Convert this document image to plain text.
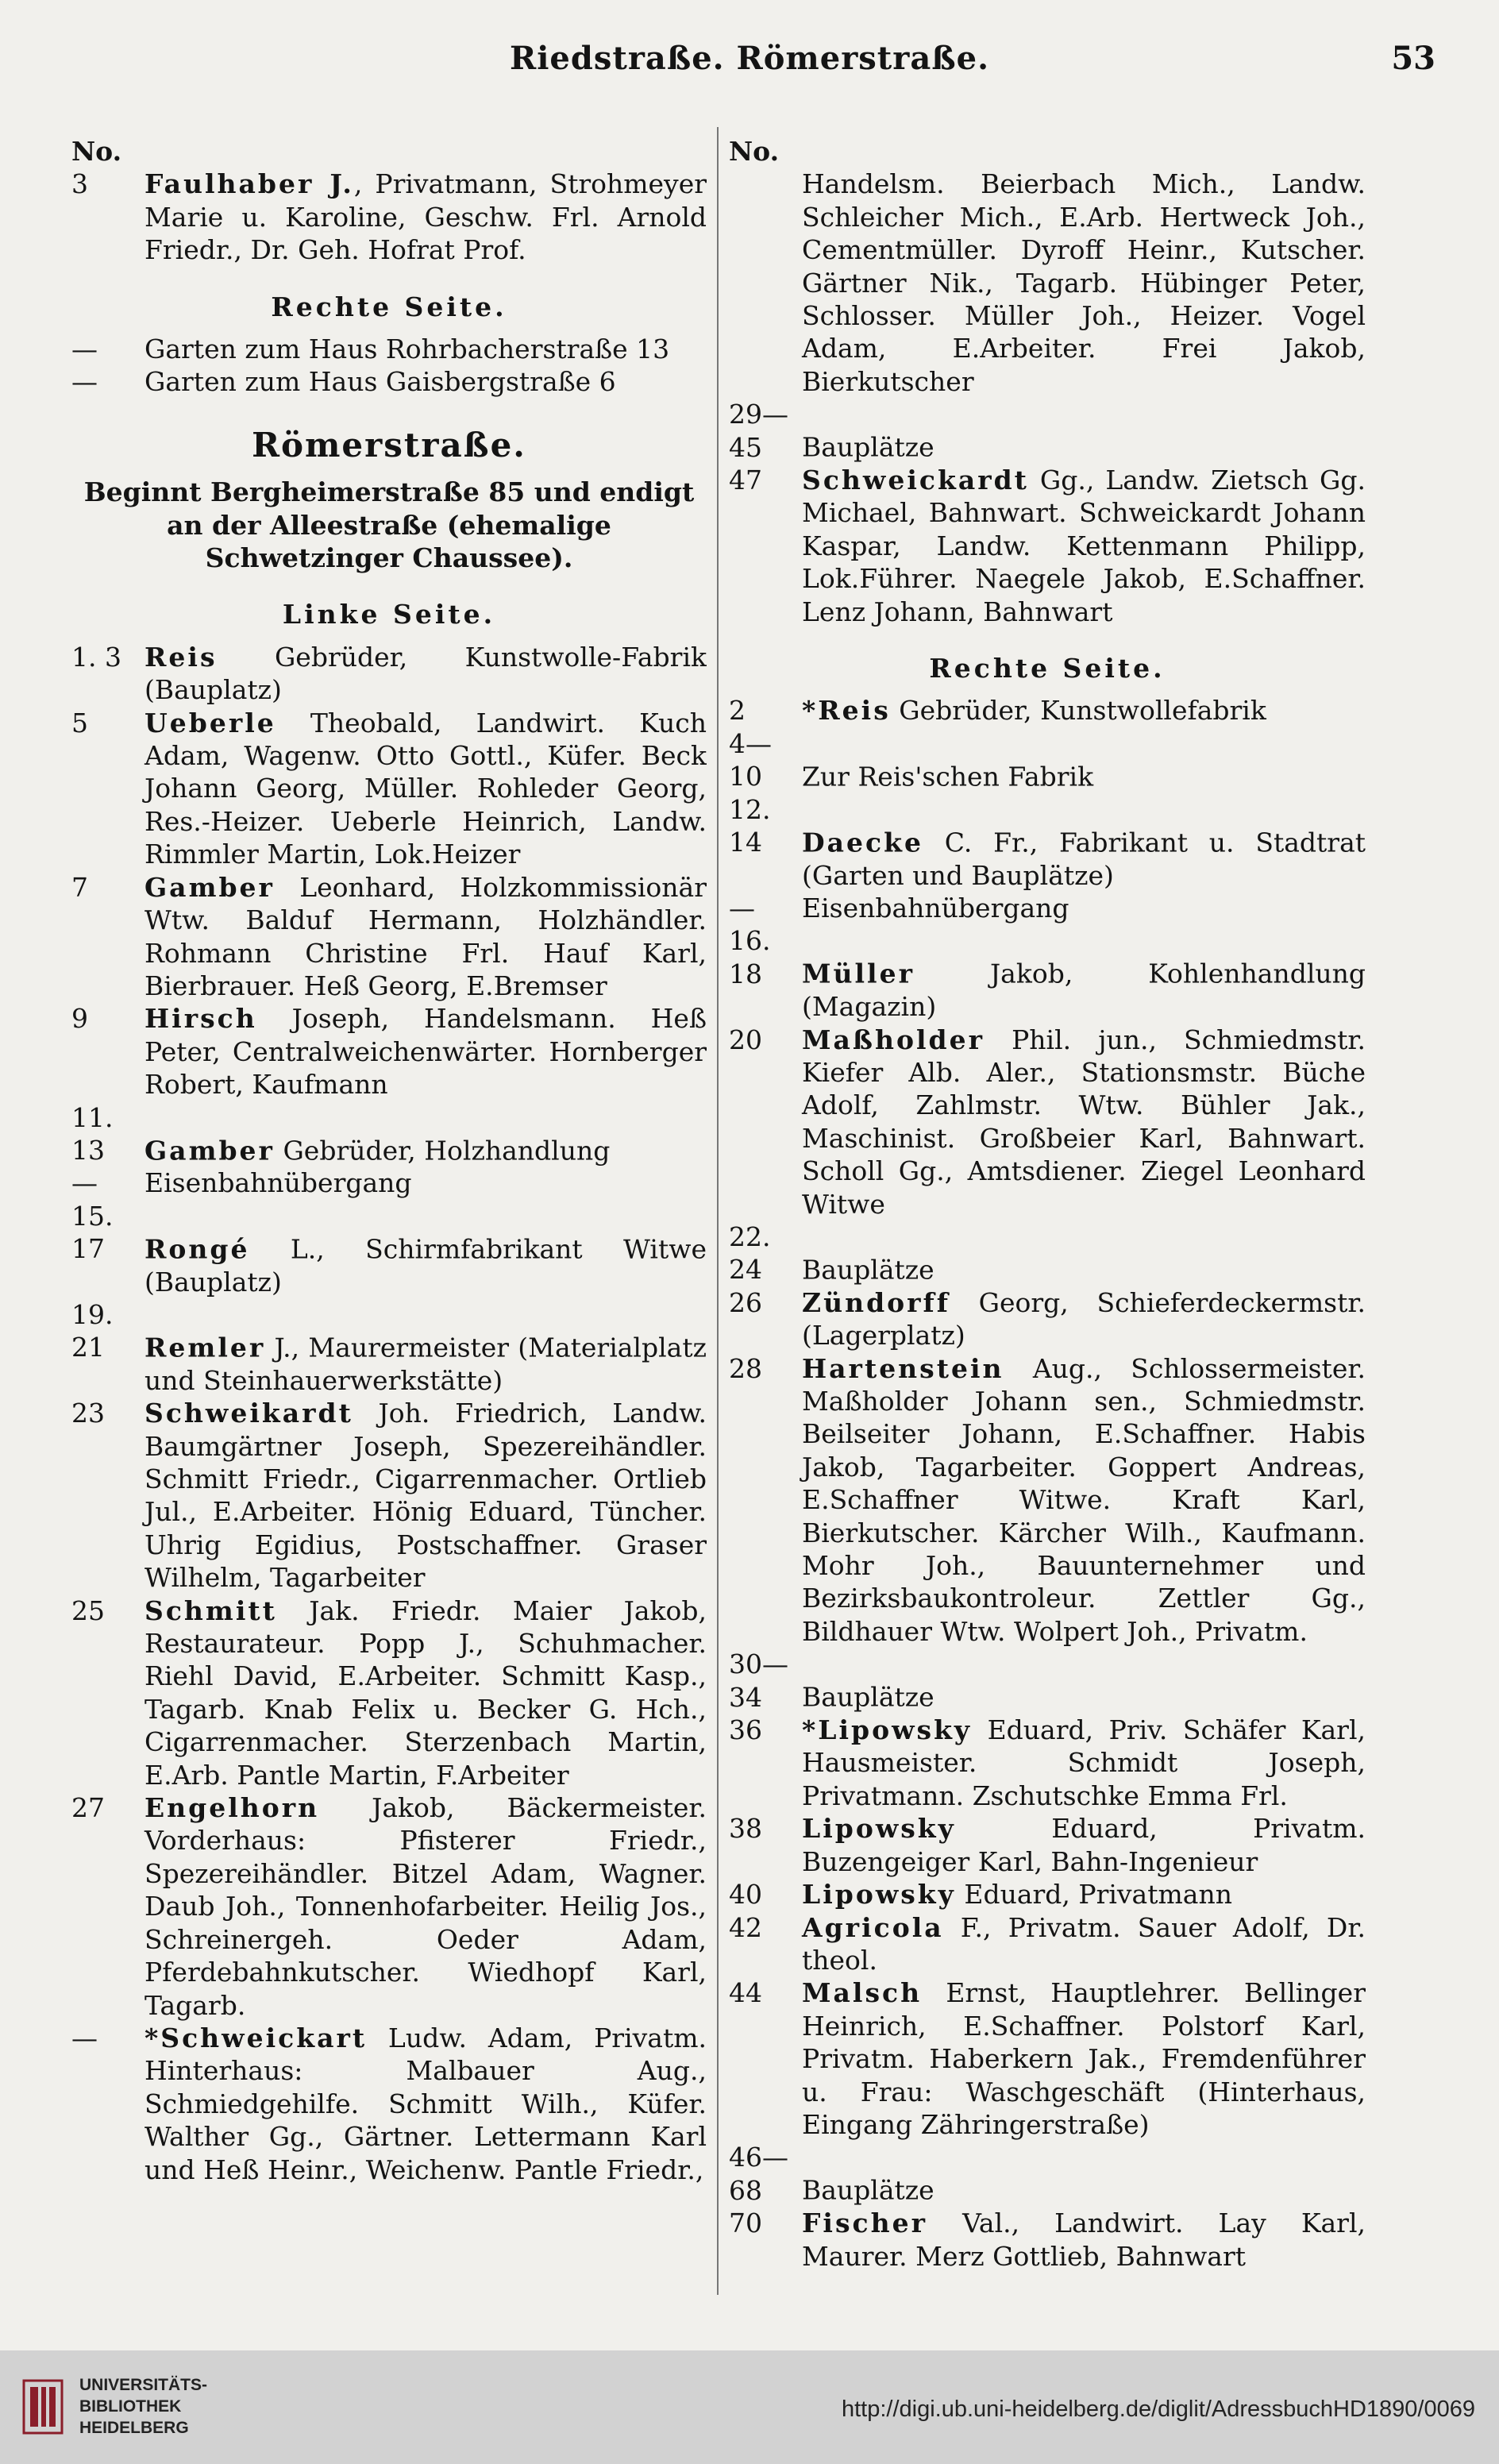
Riedstraße. Römerstraße.	53
No.
3 Faulhaber J., Privatmann, Strohmeyer Marie u. Karoline, Geschw. Frl. Arnold Friedr., Dr. Geh. Hofrat Prof.
Rechte Seite.
— Garten zum Haus Rohrbacherstraße 13
— Garten zum Haus Gaisbergstraße 6
Römerstraße.
Beginnt Bergheimerstraße 85 und endigt an der Alleestraße (ehemalige Schwetzinger Chaussee).
Linke Seite.
1. 3 Reis Gebrüder, Kunstwolle-Fabrik (Bauplatz)
5 Ueberle Theobald, Landwirt. Kuch Adam, Wagenw. Otto Gottl., Küfer. Beck Johann Georg, Müller. Rohleder Georg, Res.-Heizer. Ueberle Heinrich, Landw. Rimmler Martin, Lok.Heizer
7 Gamber Leonhard, Holzkommissionär Wtw. Balduf Hermann, Holzhändler. Rohmann Christine Frl. Hauf Karl, Bierbrauer. Heß Georg, E.Bremser
9 Hirsch Joseph, Handelsmann. Heß Peter, Centralweichenwärter. Hornberger Robert, Kaufmann
11. 13 Gamber Gebrüder, Holzhandlung
— Eisenbahnübergang
15. 17 Rongé L., Schirmfabrikant Witwe (Bauplatz)
19. 21 Remler J., Maurermeister (Materialplatz und Steinhauerwerkstätte)
23 Schweikardt Joh. Friedrich, Landw. Baumgärtner Joseph, Spezereihändler. Schmitt Friedr., Cigarrenmacher. Ortlieb Jul., E.Arbeiter. Hönig Eduard, Tüncher. Uhrig Egidius, Postschaffner. Graser Wilhelm, Tagarbeiter
25 Schmitt Jak. Friedr. Maier Jakob, Restaurateur. Popp J., Schuhmacher. Riehl David, E.Arbeiter. Schmitt Kasp., Tagarb. Knab Felix u. Becker G. Hch., Cigarrenmacher. Sterzenbach Martin, E.Arb. Pantle Martin, F.Arbeiter
27 Engelhorn Jakob, Bäckermeister. Vorderhaus: Pfisterer Friedr., Spezereihändler. Bitzel Adam, Wagner. Daub Joh., Tonnenhofarbeiter. Heilig Jos., Schreinergeh. Oeder Adam, Pferdebahnkutscher. Wiedhopf Karl, Tagarb.
— *Schweickart Ludw. Adam, Privatm. Hinterhaus: Malbauer Aug., Schmiedgehilfe. Schmitt Wilh., Küfer. Walther Gg., Gärtner. Lettermann Karl und Heß Heinr., Weichenw. Pantle Friedr.,
No.
Handelsm. Beierbach Mich., Landw. Schleicher Mich., E.Arb. Hertweck Joh., Cementmüller. Dyroff Heinr., Kutscher. Gärtner Nik., Tagarb. Hübinger Peter, Schlosser. Müller Joh., Heizer. Vogel Adam, E.Arbeiter. Frei Jakob, Bierkutscher
29—45 Bauplätze
47 Schweickardt Gg., Landw. Zietsch Gg. Michael, Bahnwart. Schweickardt Johann Kaspar, Landw. Kettenmann Philipp, Lok.Führer. Naegele Jakob, E.Schaffner. Lenz Johann, Bahnwart
Rechte Seite.
2 *Reis Gebrüder, Kunstwollefabrik
4—10 Zur Reis'schen Fabrik
12. 14 Daecke C. Fr., Fabrikant u. Stadtrat (Garten und Bauplätze)
— Eisenbahnübergang
16. 18 Müller Jakob, Kohlenhandlung (Magazin)
20 Maßholder Phil. jun., Schmiedmstr. Kiefer Alb. Aler., Stationsmstr. Büche Adolf, Zahlmstr. Wtw. Bühler Jak., Maschinist. Großbeier Karl, Bahnwart. Scholl Gg., Amtsdiener. Ziegel Leonhard Witwe
22. 24 Bauplätze
26 Zündorff Georg, Schieferdeckermstr. (Lagerplatz)
28 Hartenstein Aug., Schlossermeister. Maßholder Johann sen., Schmiedmstr. Beilseiter Johann, E.Schaffner. Habis Jakob, Tagarbeiter. Goppert Andreas, E.Schaffner Witwe. Kraft Karl, Bierkutscher. Kärcher Wilh., Kaufmann. Mohr Joh., Bauunternehmer und Bezirksbaukontroleur. Zettler Gg., Bildhauer Wtw. Wolpert Joh., Privatm.
30—34 Bauplätze
36 *Lipowsky Eduard, Priv. Schäfer Karl, Hausmeister. Schmidt Joseph, Privatmann. Zschutschke Emma Frl.
38 Lipowsky Eduard, Privatm. Buzengeiger Karl, Bahn-Ingenieur
40 Lipowsky Eduard, Privatmann
42 Agricola F., Privatm. Sauer Adolf, Dr. theol.
44 Malsch Ernst, Hauptlehrer. Bellinger Heinrich, E.Schaffner. Polstorf Karl, Privatm. Haberkern Jak., Fremdenführer u. Frau: Waschgeschäft (Hinterhaus, Eingang Zähringerstraße)
46—68 Bauplätze
70 Fischer Val., Landwirt. Lay Karl, Maurer. Merz Gottlieb, Bahnwart
UNIVERSITÄTS-
BIBLIOTHEK
HEIDELBERG
http://digi.ub.uni-heidelberg.de/diglit/AdressbuchHD1890/0069
